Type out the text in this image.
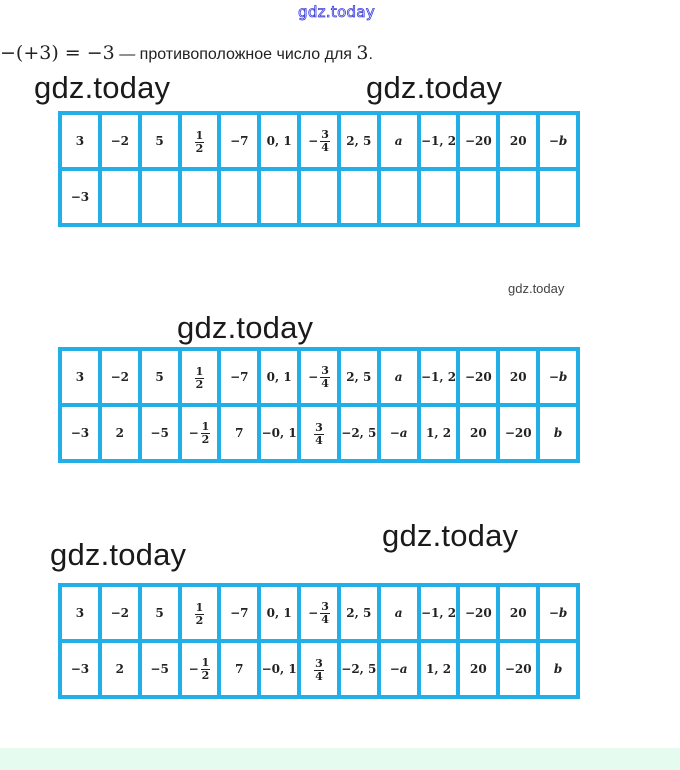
gdz.today
−(+3) = −3 — противоположное число для 3.
gdz.today	gdz.today
3	−2	5	$\frac{1}{2}$	−7	0, 1	− $\frac{3}{4}$	2, 5	a	−1, 2	−20	20	−b
−3												
gdz.today
gdz.today
3	−2	5	$\frac{1}{2}$	−7	0, 1	− $\frac{3}{4}$	2, 5	a	−1, 2	−20	20	−b
−3	2	−5	− $\frac{1}{2}$	7	−0, 1	$\frac{3}{4}$	−2, 5	−a	1, 2	20	−20	b
gdz.today
gdz.today
3	−2	5	$\frac{1}{2}$	−7	0, 1	− $\frac{3}{4}$	2, 5	a	−1, 2	−20	20	−b
−3	2	−5	− $\frac{1}{2}$	7	−0, 1	$\frac{3}{4}$	−2, 5	−a	1, 2	20	−20	b
